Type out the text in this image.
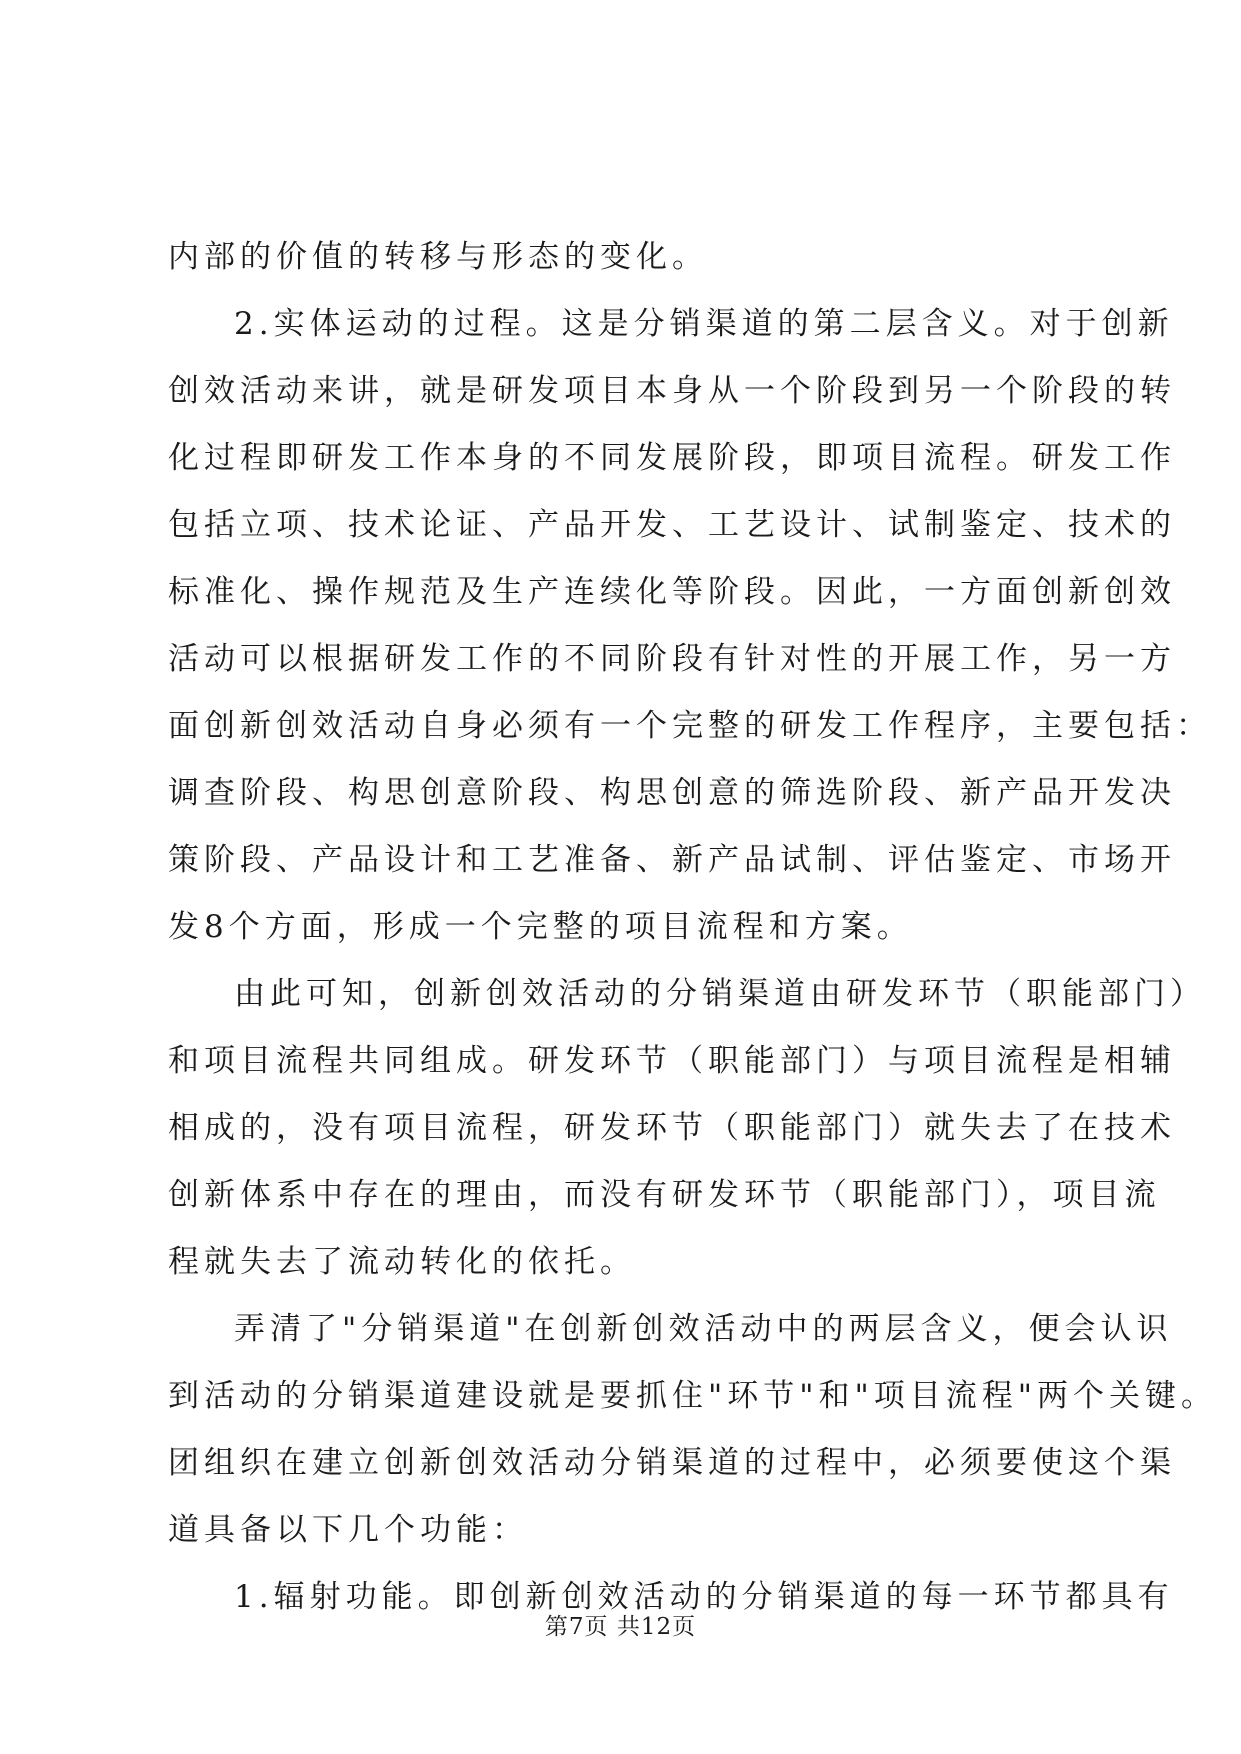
内部的价值的转移与形态的变化。
2.实体运动的过程。这是分销渠道的第二层含义。对于创新
创效活动来讲，就是研发项目本身从一个阶段到另一个阶段的转
化过程即研发工作本身的不同发展阶段，即项目流程。研发工作
包括立项、技术论证、产品开发、工艺设计、试制鉴定、技术的
标准化、操作规范及生产连续化等阶段。因此，一方面创新创效
活动可以根据研发工作的不同阶段有针对性的开展工作，另一方
面创新创效活动自身必须有一个完整的研发工作程序，主要包括：
调查阶段、构思创意阶段、构思创意的筛选阶段、新产品开发决
策阶段、产品设计和工艺准备、新产品试制、评估鉴定、市场开
发8个方面，形成一个完整的项目流程和方案。
由此可知，创新创效活动的分销渠道由研发环节（职能部门）
和项目流程共同组成。研发环节（职能部门）与项目流程是相辅
相成的，没有项目流程，研发环节（职能部门）就失去了在技术
创新体系中存在的理由，而没有研发环节（职能部门），项目流
程就失去了流动转化的依托。
弄清了"分销渠道"在创新创效活动中的两层含义，便会认识
到活动的分销渠道建设就是要抓住"环节"和"项目流程"两个关键。
团组织在建立创新创效活动分销渠道的过程中，必须要使这个渠
道具备以下几个功能：
1.辐射功能。即创新创效活动的分销渠道的每一环节都具有
第7页 共12页
